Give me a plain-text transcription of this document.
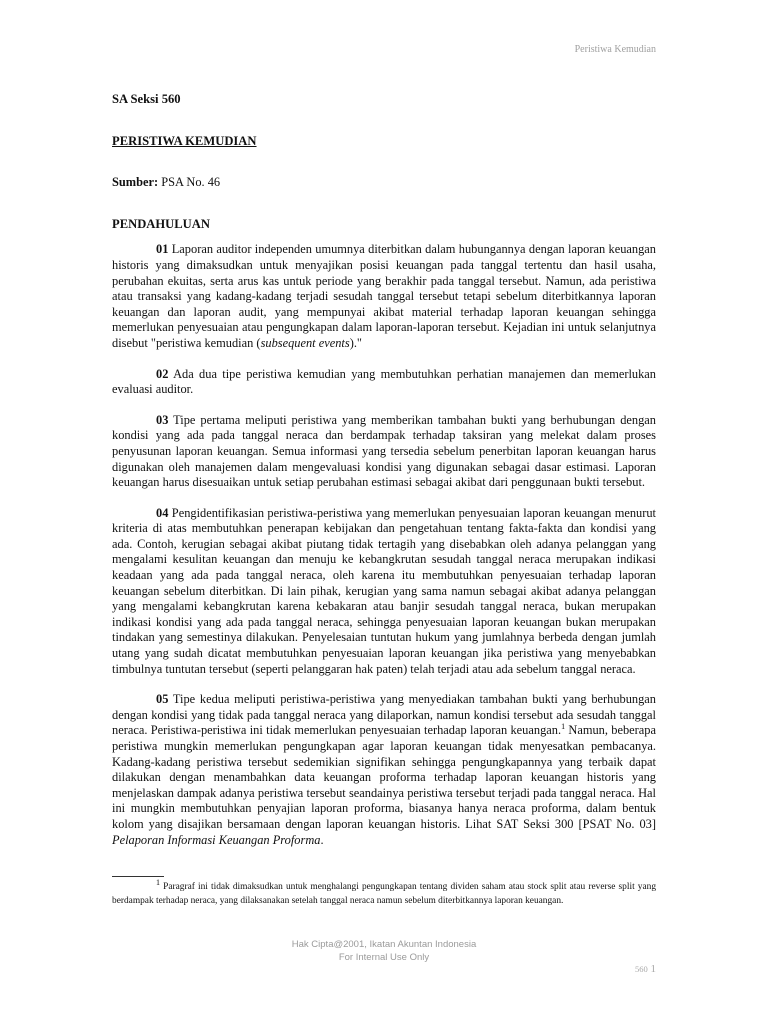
Peristiwa Kemudian

SA Seksi 560

PERISTIWA KEMUDIAN

Sumber: PSA No. 46

PENDAHULUAN

01 Laporan auditor independen umumnya diterbitkan dalam hubungannya dengan laporan keuangan historis yang dimaksudkan untuk menyajikan posisi keuangan pada tanggal tertentu dan hasil usaha, perubahan ekuitas, serta arus kas untuk periode yang berakhir pada tanggal tersebut. Namun, ada peristiwa atau transaksi yang kadang-kadang terjadi sesudah tanggal tersebut tetapi sebelum diterbitkannya laporan keuangan dan laporan audit, yang mempunyai akibat material terhadap laporan keuangan sehingga memerlukan penyesuaian atau pengungkapan dalam laporan-laporan tersebut. Kejadian ini untuk selanjutnya disebut "peristiwa kemudian (subsequent events)."

02 Ada dua tipe peristiwa kemudian yang membutuhkan perhatian manajemen dan memerlukan evaluasi auditor.

03 Tipe pertama meliputi peristiwa yang memberikan tambahan bukti yang berhubungan dengan kondisi yang ada pada tanggal neraca dan berdampak terhadap taksiran yang melekat dalam proses penyusunan laporan keuangan. Semua informasi yang tersedia sebelum penerbitan laporan keuangan harus digunakan oleh manajemen dalam mengevaluasi kondisi yang digunakan sebagai dasar estimasi. Laporan keuangan harus disesuaikan untuk setiap perubahan estimasi sebagai akibat dari penggunaan bukti tersebut.

04 Pengidentifikasian peristiwa-peristiwa yang memerlukan penyesuaian laporan keuangan menurut kriteria di atas membutuhkan penerapan kebijakan dan pengetahuan tentang fakta-fakta dan kondisi yang ada. Contoh, kerugian sebagai akibat piutang tidak tertagih yang disebabkan oleh adanya pelanggan yang mengalami kesulitan keuangan dan menuju ke kebangkrutan sesudah tanggal neraca merupakan indikasi keadaan yang ada pada tanggal neraca, oleh karena itu membutuhkan penyesuaian terhadap laporan keuangan sebelum diterbitkan. Di lain pihak, kerugian yang sama namun sebagai akibat adanya pelanggan yang mengalami kebangkrutan karena kebakaran atau banjir sesudah tanggal neraca, bukan merupakan indikasi kondisi yang ada pada tanggal neraca, sehingga penyesuaian laporan keuangan bukan merupakan tindakan yang semestinya dilakukan. Penyelesaian tuntutan hukum yang jumlahnya berbeda dengan jumlah utang yang sudah dicatat membutuhkan penyesuaian laporan keuangan jika peristiwa yang menyebabkan timbulnya tuntutan tersebut (seperti pelanggaran hak paten) telah terjadi atau ada sebelum tanggal neraca.

05 Tipe kedua meliputi peristiwa-peristiwa yang menyediakan tambahan bukti yang berhubungan dengan kondisi yang tidak pada tanggal neraca yang dilaporkan, namun kondisi tersebut ada sesudah tanggal neraca. Peristiwa-peristiwa ini tidak memerlukan penyesuaian terhadap laporan keuangan.$^1$ Namun, beberapa peristiwa mungkin memerlukan pengungkapan agar laporan keuangan tidak menyesatkan pembacanya. Kadang-kadang peristiwa tersebut sedemikian signifikan sehingga pengungkapannya yang terbaik dapat dilakukan dengan menambahkan data keuangan proforma terhadap laporan keuangan historis yang menjelaskan dampak adanya peristiwa tersebut seandainya peristiwa tersebut terjadi pada tanggal neraca. Hal ini mungkin membutuhkan penyajian laporan proforma, biasanya hanya neraca proforma, dalam bentuk kolom yang disajikan bersamaan dengan laporan keuangan historis. Lihat SAT Seksi 300 [PSAT No. 03] Pelaporan Informasi Keuangan Proforma.

$^1$ Paragraf ini tidak dimaksudkan untuk menghalangi pengungkapan tentang dividen saham atau stock split atau reverse split yang berdampak terhadap neraca, yang dilaksanakan setelah tanggal neraca namun sebelum diterbitkannya laporan keuangan.
Hak Cipta@2001, Ikatan Akuntan Indonesia
For Internal Use Only
560 1
